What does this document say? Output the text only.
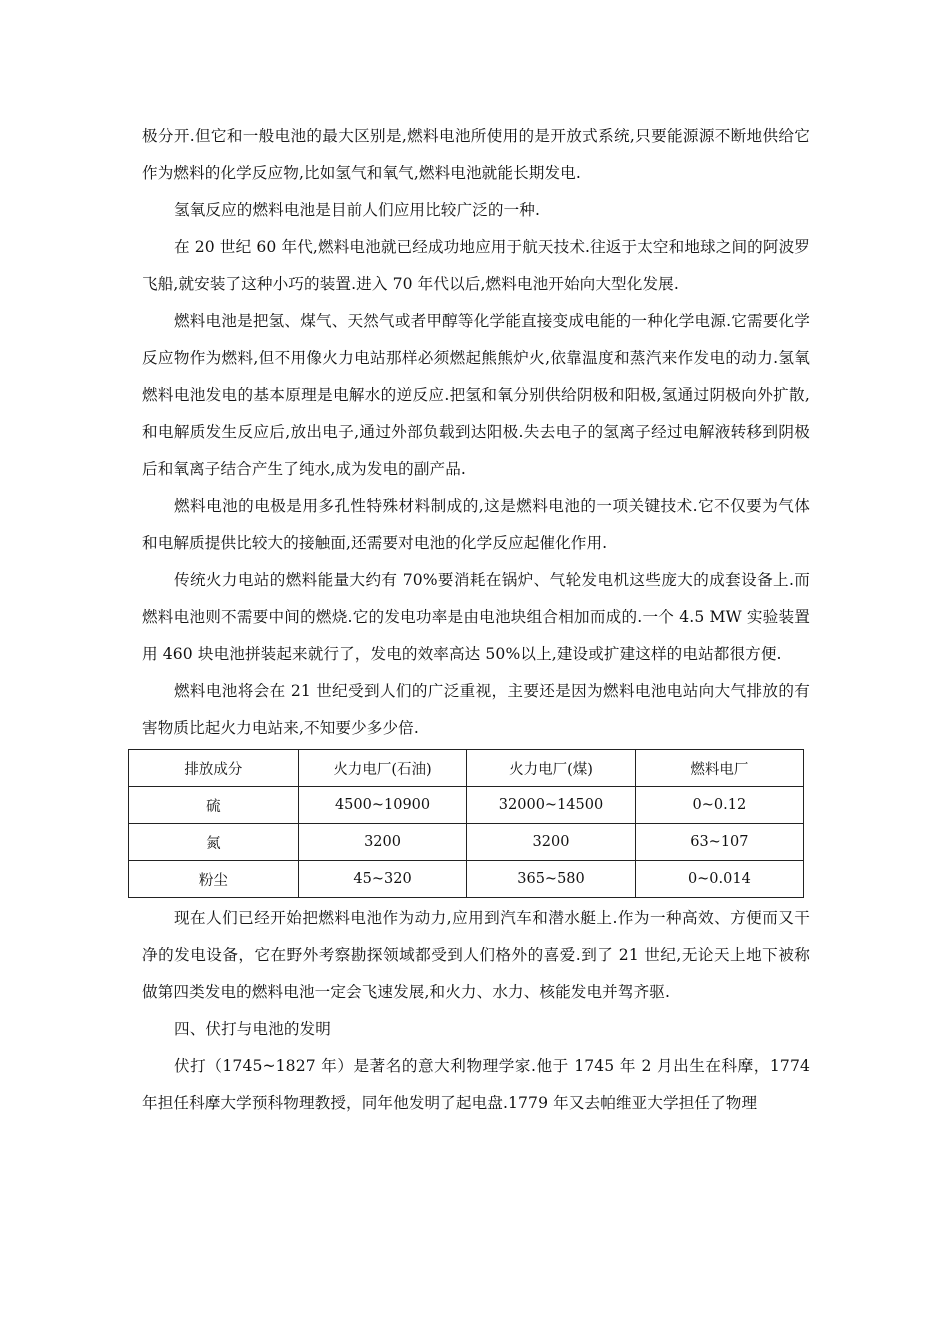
极分开.但它和一般电池的最大区别是,燃料电池所使用的是开放式系统,只要能源源不断地供给它作为燃料的化学反应物,比如氢气和氧气,燃料电池就能长期发电.

氢氧反应的燃料电池是目前人们应用比较广泛的一种.

在 20 世纪 60 年代,燃料电池就已经成功地应用于航天技术.往返于太空和地球之间的阿波罗飞船,就安装了这种小巧的装置.进入 70 年代以后,燃料电池开始向大型化发展.

燃料电池是把氢、煤气、天然气或者甲醇等化学能直接变成电能的一种化学电源.它需要化学反应物作为燃料,但不用像火力电站那样必须燃起熊熊炉火,依靠温度和蒸汽来作发电的动力.氢氧燃料电池发电的基本原理是电解水的逆反应.把氢和氧分别供给阴极和阳极,氢通过阴极向外扩散,和电解质发生反应后,放出电子,通过外部负载到达阳极.失去电子的氢离子经过电解液转移到阴极后和氧离子结合产生了纯水,成为发电的副产品.

燃料电池的电极是用多孔性特殊材料制成的,这是燃料电池的一项关键技术.它不仅要为气体和电解质提供比较大的接触面,还需要对电池的化学反应起催化作用.

传统火力电站的燃料能量大约有 70%要消耗在锅炉、气轮发电机这些庞大的成套设备上.而燃料电池则不需要中间的燃烧.它的发电功率是由电池块组合相加而成的.一个 4.5 MW 实验装置用 460 块电池拼装起来就行了，发电的效率高达 50%以上,建设或扩建这样的电站都很方便.

燃料电池将会在 21 世纪受到人们的广泛重视，主要还是因为燃料电池电站向大气排放的有害物质比起火力电站来,不知要少多少倍.

排放成分	火力电厂(石油)	火力电厂(煤)	燃料电厂
硫	4500~10900	32000~14500	0~0.12
氮	3200	3200	63~107
粉尘	45~320	365~580	0~0.014

现在人们已经开始把燃料电池作为动力,应用到汽车和潜水艇上.作为一种高效、方便而又干净的发电设备，它在野外考察勘探领域都受到人们格外的喜爱.到了 21 世纪,无论天上地下被称做第四类发电的燃料电池一定会飞速发展,和火力、水力、核能发电并驾齐驱.

四、伏打与电池的发明

伏打（1745~1827 年）是著名的意大利物理学家.他于 1745 年 2 月出生在科摩，1774 年担任科摩大学预科物理教授，同年他发明了起电盘.1779 年又去帕维亚大学担任了物理
